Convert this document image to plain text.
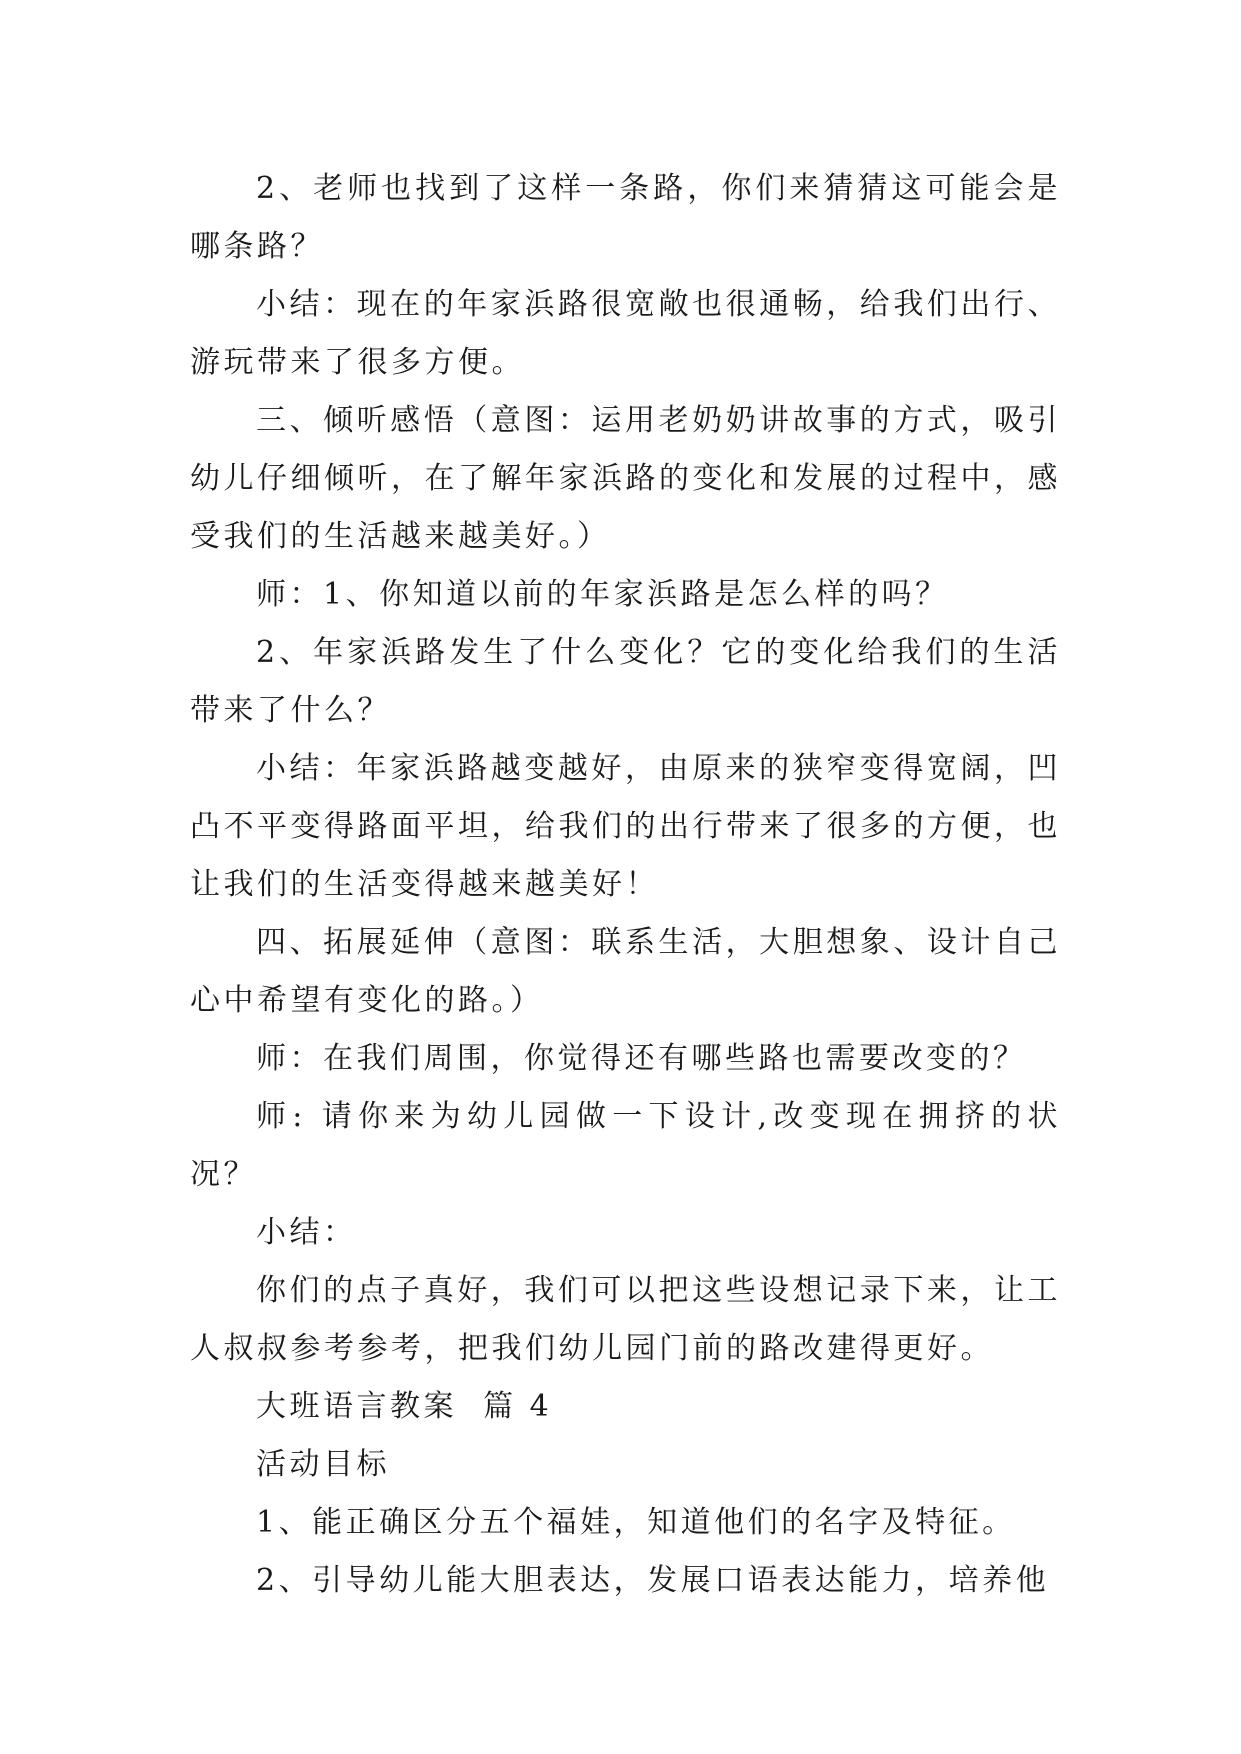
2、老师也找到了这样一条路，你们来猜猜这可能会是哪条路？

小结：现在的年家浜路很宽敞也很通畅，给我们出行、游玩带来了很多方便。

三、倾听感悟（意图：运用老奶奶讲故事的方式，吸引幼儿仔细倾听，在了解年家浜路的变化和发展的过程中，感受我们的生活越来越美好。）

师：1、你知道以前的年家浜路是怎么样的吗？

2、年家浜路发生了什么变化？它的变化给我们的生活带来了什么？

小结：年家浜路越变越好，由原来的狭窄变得宽阔，凹凸不平变得路面平坦，给我们的出行带来了很多的方便，也让我们的生活变得越来越美好！

四、拓展延伸（意图：联系生活，大胆想象、设计自己心中希望有变化的路。）

师：在我们周围，你觉得还有哪些路也需要改变的？

师: 请你来为幼儿园做一下设计,改变现在拥挤的状况？

小结：

你们的点子真好，我们可以把这些设想记录下来，让工人叔叔参考参考，把我们幼儿园门前的路改建得更好。

大班语言教案  篇 4

活动目标

1、能正确区分五个福娃，知道他们的名字及特征。

2、引导幼儿能大胆表达，发展口语表达能力，培养他
